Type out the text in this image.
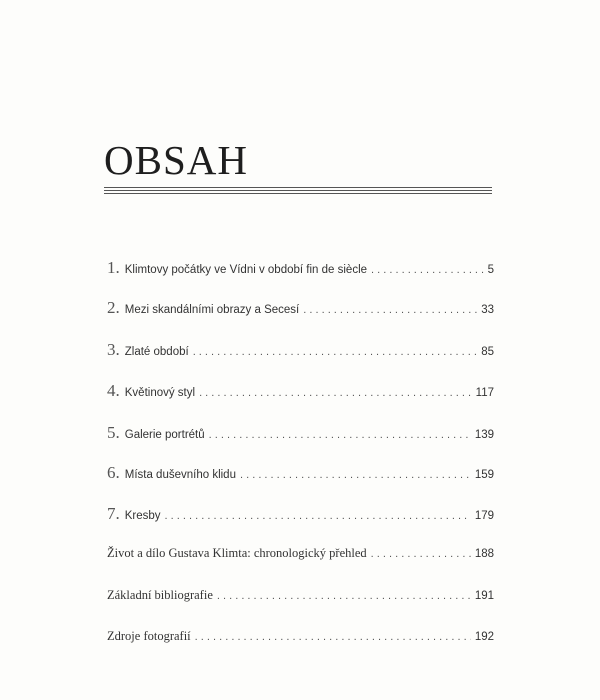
OBSAH
1. Klimtovy počátky ve Vídni v období fin de siècle . . .	5
2. Mezi skandálními obrazy a Secesí . . .	33
3. Zlaté období . . .	85
4. Květinový styl . . .	117
5. Galerie portrétů . . .	139
6. Místa duševního klidu . . .	159
7. Kresby . . .	179
Život a dílo Gustava Klimta: chronologický přehled . . .	188
Základní bibliografie . . .	191
Zdroje fotografií . . .	192
